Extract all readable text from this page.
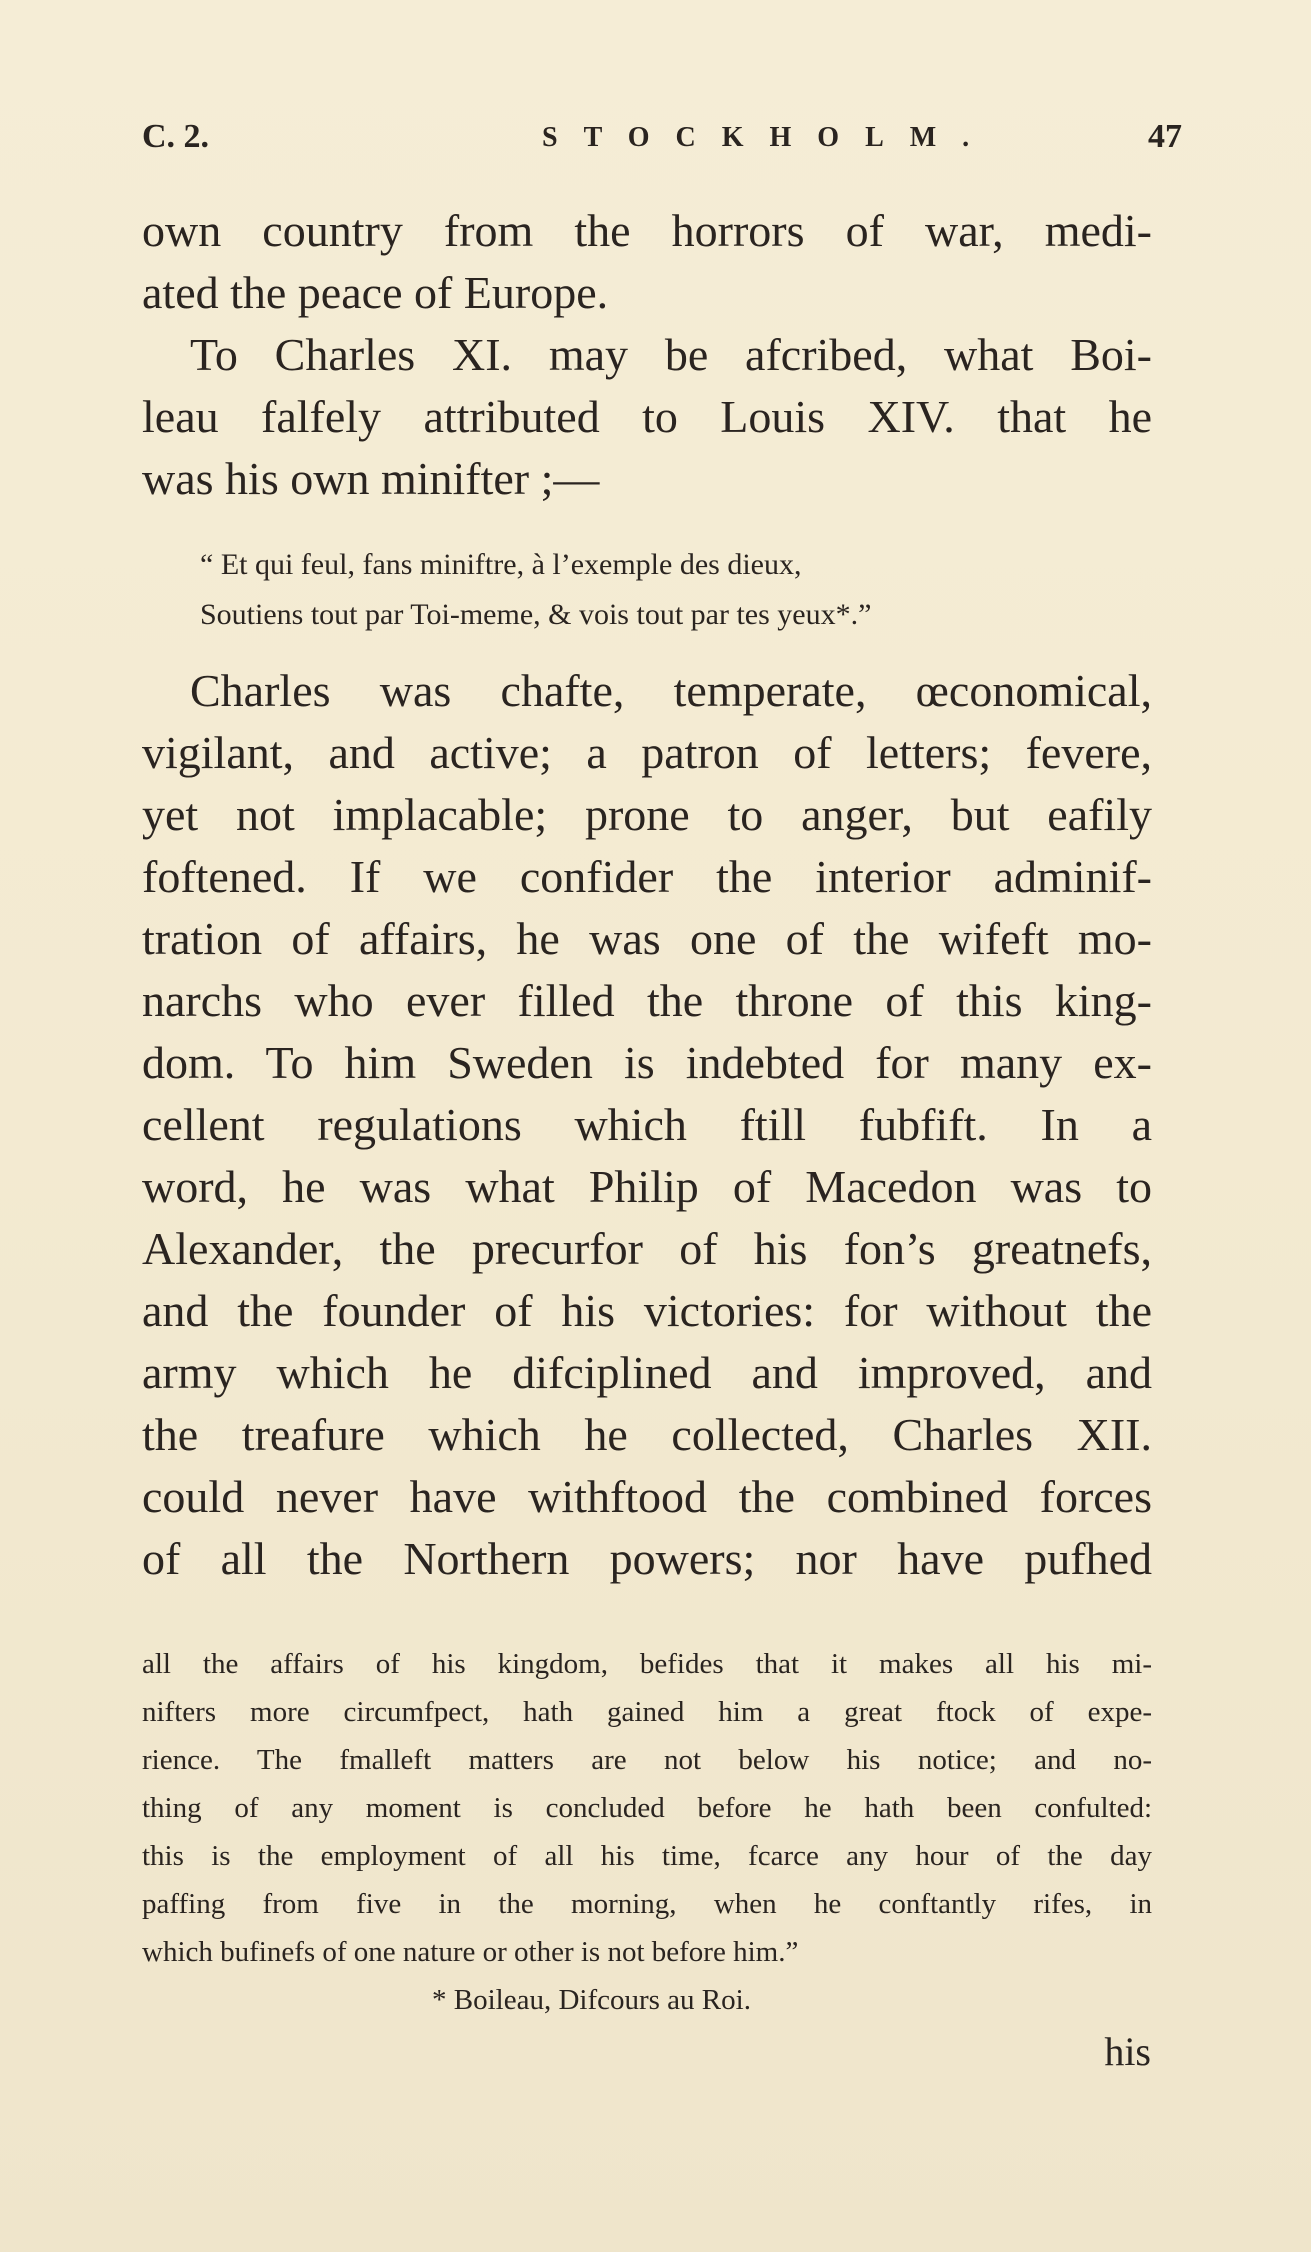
C. 2.	STOCKHOLM.	47
own country from the horrors of war, medi-
ated the peace of Europe.
To Charles XI. may be afcribed, what Boi-
leau falfely attributed to Louis XIV. that he
was his own minifter ;—
“ Et qui feul, fans miniftre, à l’exemple des dieux,
Soutiens tout par Toi-meme, & vois tout par tes yeux*.”
Charles was chafte, temperate, œconomical,
vigilant, and active; a patron of letters; fevere,
yet not implacable; prone to anger, but eafily
foftened. If we confider the interior adminif-
tration of affairs, he was one of the wifeft mo-
narchs who ever filled the throne of this king-
dom. To him Sweden is indebted for many ex-
cellent regulations which ftill fubfift. In a
word, he was what Philip of Macedon was to
Alexander, the precurfor of his fon’s greatnefs,
and the founder of his victories: for without the
army which he difciplined and improved, and
the treafure which he collected, Charles XII.
could never have withftood the combined forces
of all the Northern powers; nor have pufhed
all the affairs of his kingdom, befides that it makes all his mi-
nifters more circumfpect, hath gained him a great ftock of expe-
rience. The fmalleft matters are not below his notice; and no-
thing of any moment is concluded before he hath been confulted:
this is the employment of all his time, fcarce any hour of the day
paffing from five in the morning, when he conftantly rifes, in
which bufinefs of one nature or other is not before him.”
* Boileau, Difcours au Roi.
his
